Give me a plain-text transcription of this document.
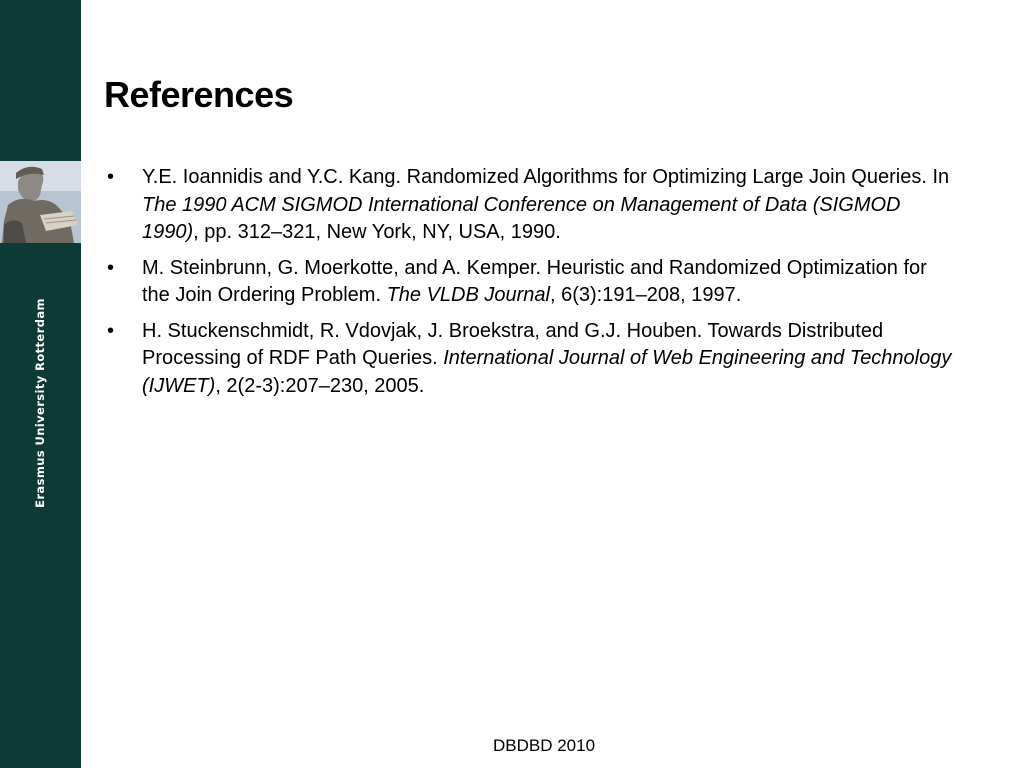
Erasmus University Rotterdam
References
• Y.E. Ioannidis and Y.C. Kang. Randomized Algorithms for Optimizing Large Join Queries. In The 1990 ACM SIGMOD International Conference on Management of Data (SIGMOD 1990), pp. 312–321, New York, NY, USA, 1990.
• M. Steinbrunn, G. Moerkotte, and A. Kemper. Heuristic and Randomized Optimization for the Join Ordering Problem. The VLDB Journal, 6(3):191–208, 1997.
• H. Stuckenschmidt, R. Vdovjak, J. Broekstra, and G.J. Houben. Towards Distributed Processing of RDF Path Queries. International Journal of Web Engineering and Technology (IJWET), 2(2-3):207–230, 2005.
DBDBD 2010
